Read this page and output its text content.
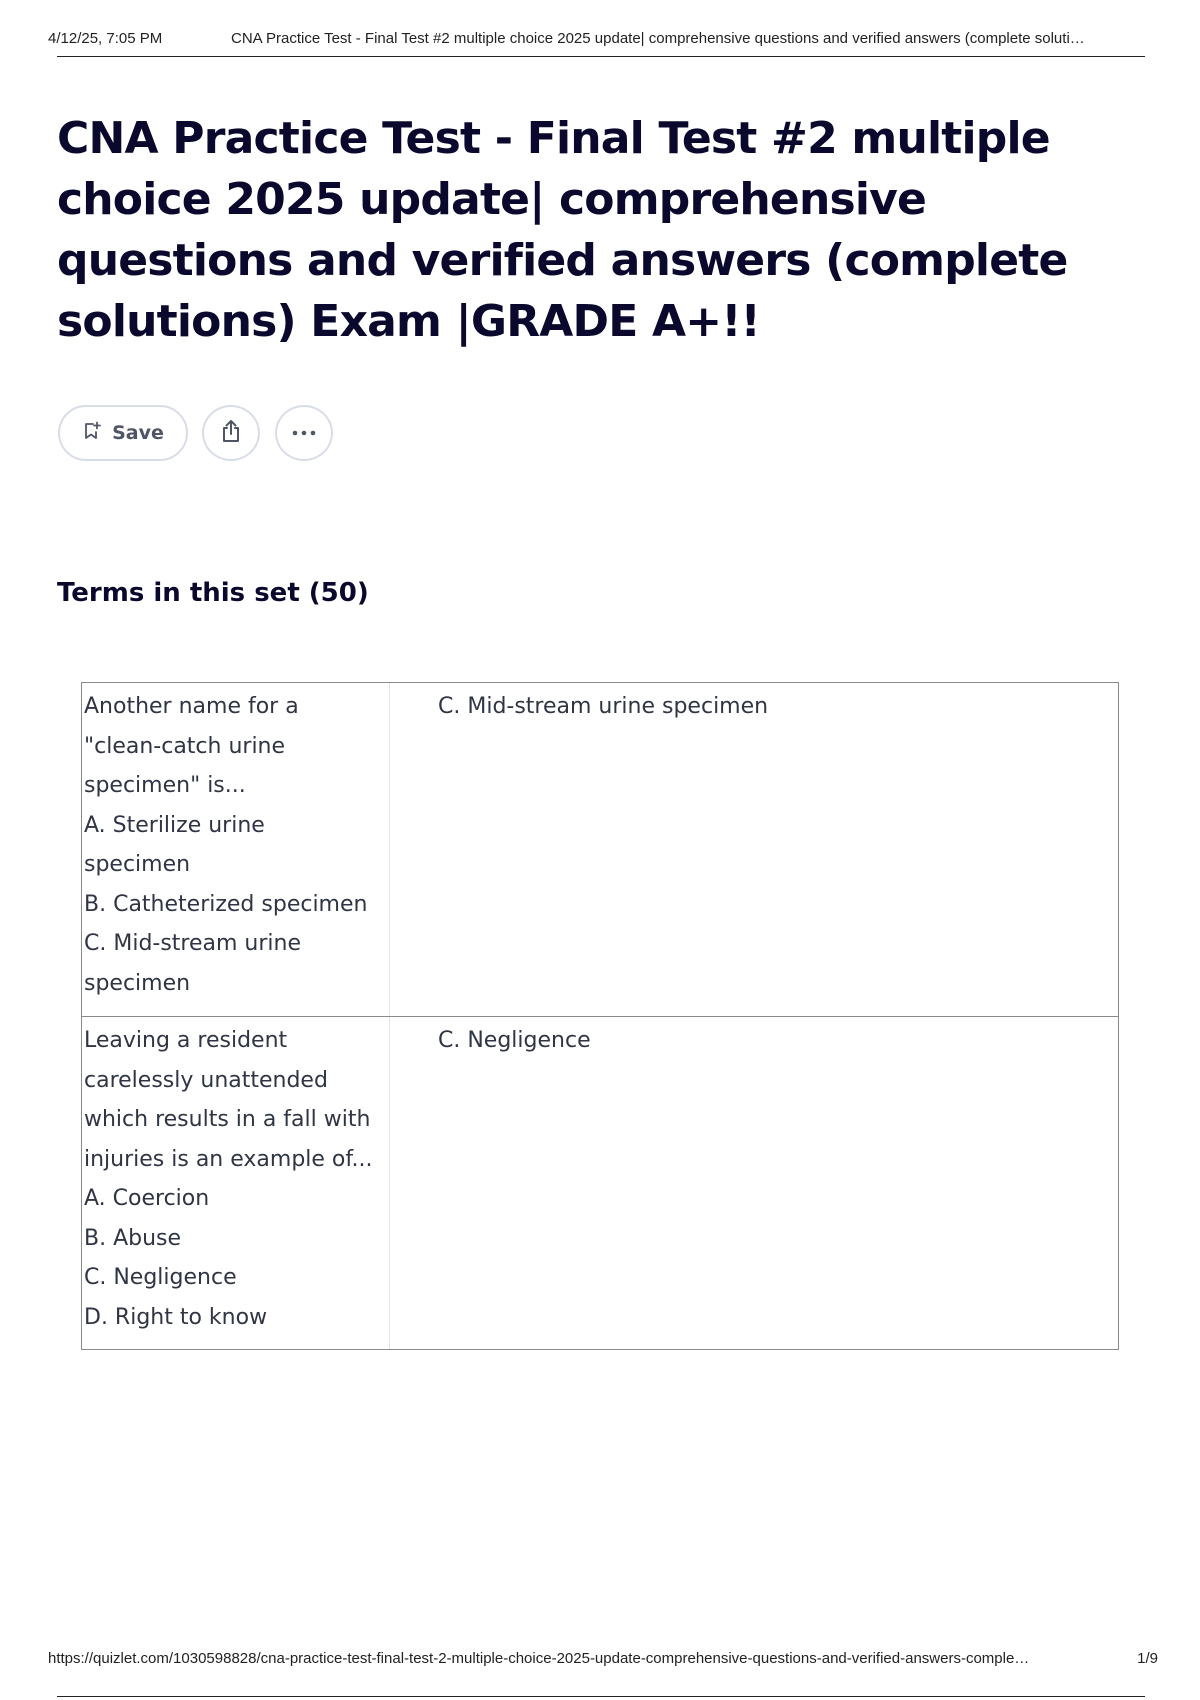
4/12/25, 7:05 PM	CNA Practice Test - Final Test #2 multiple choice 2025 update| comprehensive questions and verified answers (complete soluti…
CNA Practice Test - Final Test #2 multiple choice 2025 update| comprehensive questions and verified answers (complete solutions) Exam |GRADE A+!!
Save
Terms in this set (50)
Another name for a
"clean-catch urine
specimen" is...
A. Sterilize urine
specimen
B. Catheterized specimen
C. Mid-stream urine
specimen
C. Mid-stream urine specimen
Leaving a resident
carelessly unattended
which results in a fall with
injuries is an example of...
A. Coercion
B. Abuse
C. Negligence
D. Right to know
C. Negligence
https://quizlet.com/1030598828/cna-practice-test-final-test-2-multiple-choice-2025-update-comprehensive-questions-and-verified-answers-comple…	1/9
